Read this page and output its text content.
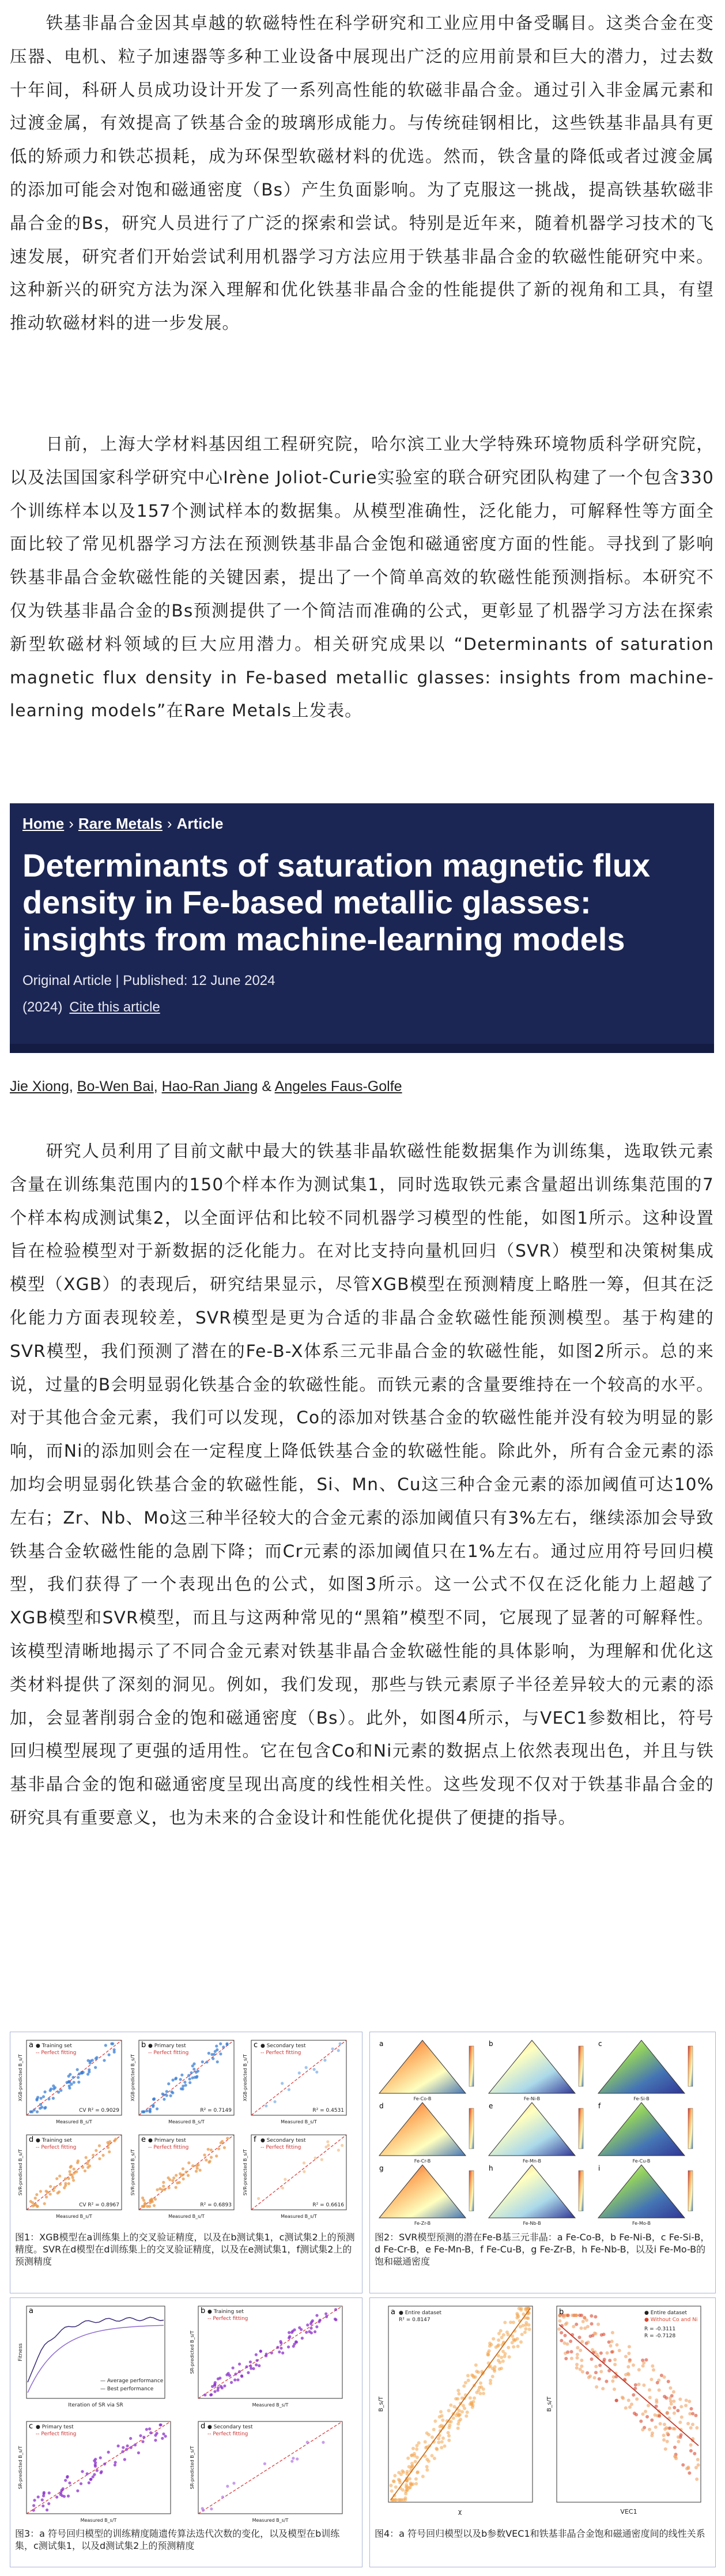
铁基非晶合金因其卓越的软磁特性在科学研究和工业应用中备受瞩目。这类合金在变压器、电机、粒子加速器等多种工业设备中展现出广泛的应用前景和巨大的潜力，过去数十年间，科研人员成功设计开发了一系列高性能的软磁非晶合金。通过引入非金属元素和过渡金属，有效提高了铁基合金的玻璃形成能力。与传统硅钢相比，这些铁基非晶具有更低的矫顽力和铁芯损耗，成为环保型软磁材料的优选。然而，铁含量的降低或者过渡金属的添加可能会对饱和磁通密度（Bs）产生负面影响。为了克服这一挑战，提高铁基软磁非晶合金的Bs，研究人员进行了广泛的探索和尝试。特别是近年来，随着机器学习技术的飞速发展，研究者们开始尝试利用机器学习方法应用于铁基非晶合金的软磁性能研究中来。这种新兴的研究方法为深入理解和优化铁基非晶合金的性能提供了新的视角和工具，有望推动软磁材料的进一步发展。

日前，上海大学材料基因组工程研究院，哈尔滨工业大学特殊环境物质科学研究院，以及法国国家科学研究中心Irène Joliot-Curie实验室的联合研究团队构建了一个包含330个训练样本以及157个测试样本的数据集。从模型准确性，泛化能力，可解释性等方面全面比较了常见机器学习方法在预测铁基非晶合金饱和磁通密度方面的性能。寻找到了影响铁基非晶合金软磁性能的关键因素，提出了一个简单高效的软磁性能预测指标。本研究不仅为铁基非晶合金的Bs预测提供了一个简洁而准确的公式，更彰显了机器学习方法在探索新型软磁材料领域的巨大应用潜力。相关研究成果以 “Determinants of saturation magnetic flux density in Fe-based metallic glasses: insights from machine-learning models”在Rare Metals上发表。

Home › Rare Metals › Article
Determinants of saturation magnetic flux density in Fe-based metallic glasses: insights from machine-learning models
Original Article | Published: 12 June 2024
(2024) Cite this article
Jie Xiong, Bo-Wen Bai, Hao-Ran Jiang & Angeles Faus-Golfe

研究人员利用了目前文献中最大的铁基非晶软磁性能数据集作为训练集，选取铁元素含量在训练集范围内的150个样本作为测试集1，同时选取铁元素含量超出训练集范围的7个样本构成测试集2，以全面评估和比较不同机器学习模型的性能，如图1所示。这种设置旨在检验模型对于新数据的泛化能力。在对比支持向量机回归（SVR）模型和决策树集成模型（XGB）的表现后，研究结果显示，尽管XGB模型在预测精度上略胜一筹，但其在泛化能力方面表现较差，SVR模型是更为合适的非晶合金软磁性能预测模型。基于构建的SVR模型，我们预测了潜在的Fe-B-X体系三元非晶合金的软磁性能，如图2所示。总的来说，过量的B会明显弱化铁基合金的软磁性能。而铁元素的含量要维持在一个较高的水平。对于其他合金元素，我们可以发现，Co的添加对铁基合金的软磁性能并没有较为明显的影响，而Ni的添加则会在一定程度上降低铁基合金的软磁性能。除此外，所有合金元素的添加均会明显弱化铁基合金的软磁性能，Si、Mn、Cu这三种合金元素的添加阈值可达10%左右；Zr、Nb、Mo这三种半径较大的合金元素的添加阈值只有3%左右，继续添加会导致铁基合金软磁性能的急剧下降；而Cr元素的添加阈值只在1%左右。通过应用符号回归模型，我们获得了一个表现出色的公式，如图3所示。这一公式不仅在泛化能力上超越了XGB模型和SVR模型，而且与这两种常见的“黑箱”模型不同，它展现了显著的可解释性。该模型清晰地揭示了不同合金元素对铁基非晶合金软磁性能的具体影响，为理解和优化这类材料提供了深刻的洞见。例如，我们发现，那些与铁元素原子半径差异较大的元素的添加，会显著削弱合金的饱和磁通密度（Bs）。此外，如图4所示，与VEC1参数相比，符号回归模型展现了更强的适用性。它在包含Co和Ni元素的数据点上依然表现出色，并且与铁基非晶合金的饱和磁通密度呈现出高度的线性相关性。这些发现不仅对于铁基非晶合金的研究具有重要意义，也为未来的合金设计和性能优化提供了便捷的指导。

a ● Training set
-- Perfect fitting
CV R² = 0.9029
XGB-predicted B_s/T
Measured B_s/T
d ● Training set
-- Perfect fitting
CV R² = 0.8967
SVR-predicted B_s/T
Measured B_s/T
b ● Primary test
-- Perfect fitting
R² = 0.7149
XGB-predicted B_s/T
Measured B_s/T
e ● Primary test
-- Perfect fitting
R² = 0.6893
SVR-predicted B_s/T
Measured B_s/T
c ● Secondary test
-- Perfect fitting
R² = 0.4531
XGB-predicted B_s/T
Measured B_s/T
f ● Secondary test
-- Perfect fitting
R² = 0.6616
SVR-predicted B_s/T
Measured B_s/T

图1：XGB模型在a训练集上的交叉验证精度，以及在b测试集1，c测试集2上的预测精度。SVR在d模型在d训练集上的交叉验证精度，以及在e测试集1，f测试集2上的预测精度

a
Fe-Co-B
b
Fe-Ni-B
c
Fe-Si-B
d
Fe-Cr-B
e
Fe-Mn-B
f
Fe-Cu-B
g
Fe-Zr-B
h
Fe-Nb-B
i
Fe-Mo-B

图2：SVR模型预测的潜在Fe-B基三元非晶：a Fe-Co-B，b Fe-Ni-B，c Fe-Si-B，d Fe-Cr-B，e Fe-Mn-B，f Fe-Cu-B，g Fe-Zr-B，h Fe-Nb-B，以及i Fe-Mo-B的饱和磁通密度

a
— Average performance
— Best performance
Fitness
Iteration of SR via SR
b ● Training set
-- Perfect fitting
SR-predicted B_s/T
Measured B_s/T
c ● Primary test
-- Perfect fitting
SR-predicted B_s/T
Measured B_s/T
d ● Secondary test
-- Perfect fitting
SR-predicted B_s/T
Measured B_s/T

图3：a 符号回归模型的训练精度随遗传算法迭代次数的变化，以及模型在b训练集，c测试集1，以及d测试集2上的预测精度

a ● Entire dataset
R² = 0.8147
B_s/T
χ
b	● Entire dataset
● Without Co and Ni
R = -0.3111
R = -0.7128
B_s/T
VEC1

图4：a 符号回归模型以及b参数VEC1和铁基非晶合金饱和磁通密度间的线性关系
